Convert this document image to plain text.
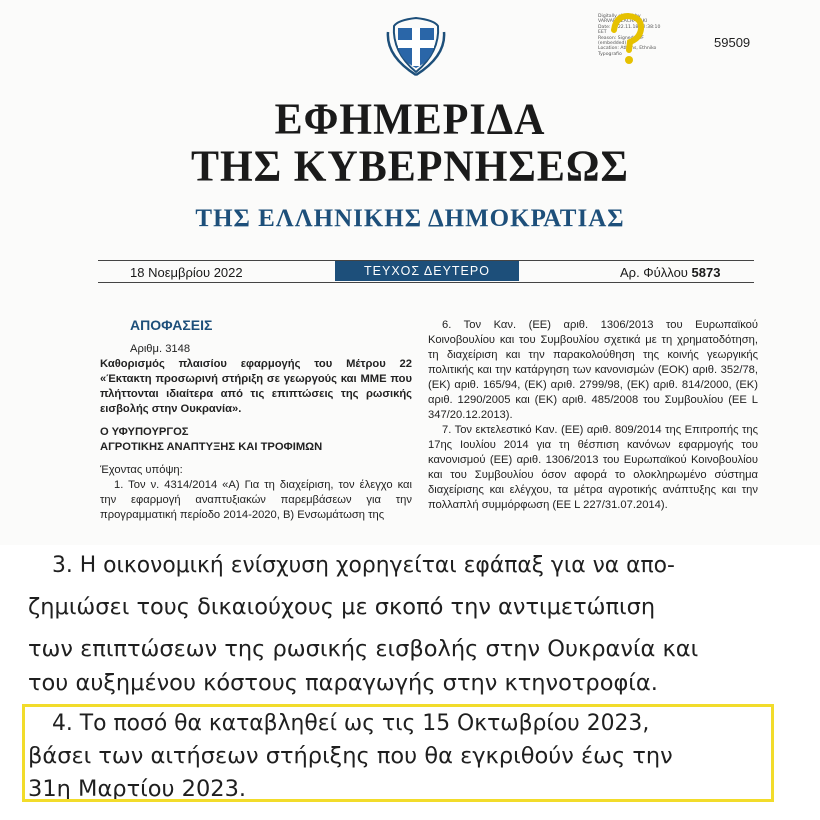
Digitally signed by
VARVARA ZACHARAKI
Date: 2022.11.18 22:38:10
EET
Reason: Signed PDF
(embedded)
Location: Athens, Ethniko
Typografio
59509
ΕΦΗΜΕΡΙΔΑ
ΤΗΣ ΚΥΒΕΡΝΗΣΕΩΣ
ΤΗΣ ΕΛΛΗΝΙΚΗΣ ΔΗΜΟΚΡΑΤΙΑΣ
18 Νοεμβρίου 2022	ΤΕΥΧΟΣ ΔΕΥΤΕΡΟ	Αρ. Φύλλου 5873
ΑΠΟΦΑΣΕΙΣ
Αριθμ. 3148
Καθορισμός πλαισίου εφαρμογής του Μέτρου 22 «Έκτακτη προσωρινή στήριξη σε γεωργούς και ΜΜΕ που πλήττονται ιδιαίτερα από τις επιπτώσεις της ρωσικής εισβολής στην Ουκρανία».
Ο ΥΦΥΠΟΥΡΓΟΣ
ΑΓΡΟΤΙΚΗΣ ΑΝΑΠΤΥΞΗΣ ΚΑΙ ΤΡΟΦΙΜΩΝ
Έχοντας υπόψη:
1. Τον ν. 4314/2014 «Α) Για τη διαχείριση, τον έλεγχο και την εφαρμογή αναπτυξιακών παρεμβάσεων για την προγραμματική περίοδο 2014-2020, Β) Ενσωμάτωση της
6. Τον Καν. (ΕΕ) αριθ. 1306/2013 του Ευρωπαϊκού Κοινοβουλίου και του Συμβουλίου σχετικά με τη χρηματοδότηση, τη διαχείριση και την παρακολούθηση της κοινής γεωργικής πολιτικής και την κατάργηση των κανονισμών (ΕΟΚ) αριθ. 352/78, (ΕΚ) αριθ. 165/94, (ΕΚ) αριθ. 2799/98, (ΕΚ) αριθ. 814/2000, (ΕΚ) αριθ. 1290/2005 και (ΕΚ) αριθ. 485/2008 του Συμβουλίου (ΕΕ L 347/20.12.2013).
7. Τον εκτελεστικό Καν. (ΕΕ) αριθ. 809/2014 της Επιτροπής της 17ης Ιουλίου 2014 για τη θέσπιση κανόνων εφαρμογής του κανονισμού (ΕΕ) αριθ. 1306/2013 του Ευρωπαϊκού Κοινοβουλίου και του Συμβουλίου όσον αφορά το ολοκληρωμένο σύστημα διαχείρισης και ελέγχου, τα μέτρα αγροτικής ανάπτυξης και την πολλαπλή συμμόρφωση (ΕΕ L 227/31.07.2014).
3. Η οικονομική ενίσχυση χορηγείται εφάπαξ για να απο-
ζημιώσει τους δικαιούχους με σκοπό την αντιμετώπιση
των επιπτώσεων της ρωσικής εισβολής στην Ουκρανία και
του αυξημένου κόστους παραγωγής στην κτηνοτροφία.
4. Το ποσό θα καταβληθεί ως τις 15 Οκτωβρίου 2023,
βάσει των αιτήσεων στήριξης που θα εγκριθούν έως την
31η Μαρτίου 2023.
